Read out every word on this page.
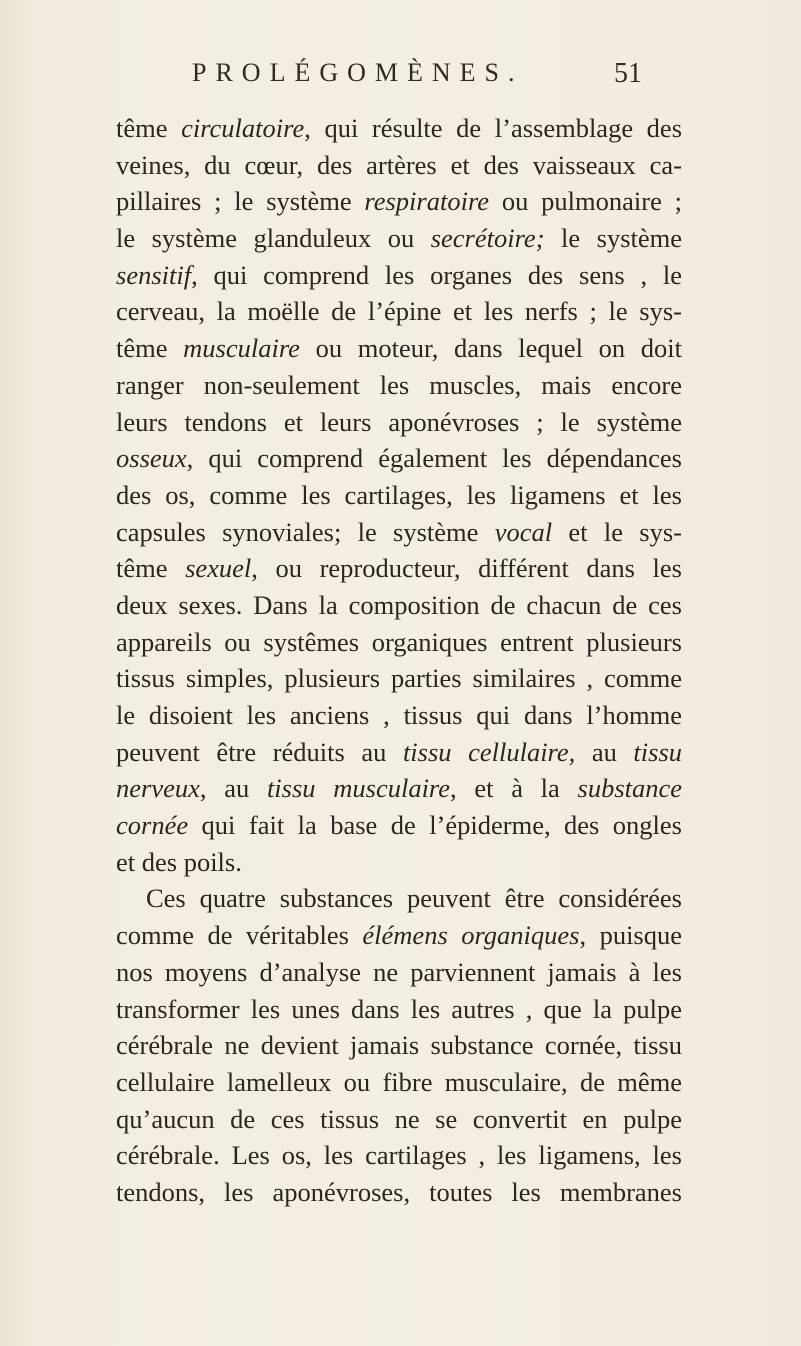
PROLÉGOMÈNES.	51
tême circulatoire, qui résulte de l’assemblage des
veines, du cœur, des artères et des vaisseaux ca-
pillaires ; le système respiratoire ou pulmonaire ;
le système glanduleux ou secrétoire; le système
sensitif, qui comprend les organes des sens , le
cerveau, la moëlle de l’épine et les nerfs ; le sys-
tême musculaire ou moteur, dans lequel on doit
ranger non-seulement les muscles, mais encore
leurs tendons et leurs aponévroses ; le système
osseux, qui comprend également les dépendances
des os, comme les cartilages, les ligamens et les
capsules synoviales; le système vocal et le sys-
tême sexuel, ou reproducteur, différent dans les
deux sexes. Dans la composition de chacun de ces
appareils ou systêmes organiques entrent plusieurs
tissus simples, plusieurs parties similaires , comme
le disoient les anciens , tissus qui dans l’homme
peuvent être réduits au tissu cellulaire, au tissu
nerveux, au tissu musculaire, et à la substance
cornée qui fait la base de l’épiderme, des ongles
et des poils.
Ces quatre substances peuvent être considérées
comme de véritables élémens organiques, puisque
nos moyens d’analyse ne parviennent jamais à les
transformer les unes dans les autres , que la pulpe
cérébrale ne devient jamais substance cornée, tissu
cellulaire lamelleux ou fibre musculaire, de même
qu’aucun de ces tissus ne se convertit en pulpe
cérébrale. Les os, les cartilages , les ligamens, les
tendons, les aponévroses, toutes les membranes
